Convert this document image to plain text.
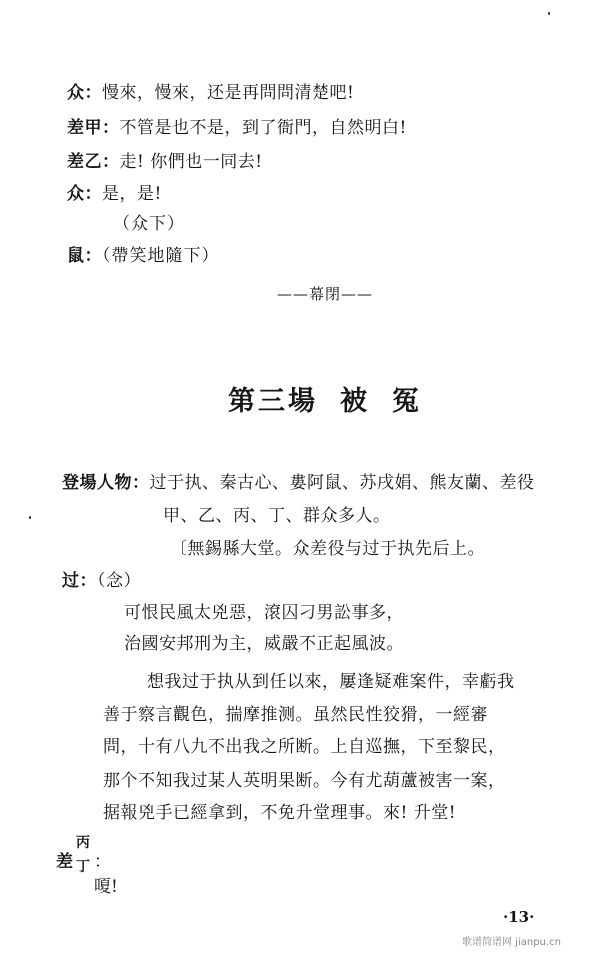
众：慢來，慢來，还是再問問清楚吧!
差甲：不管是也不是，到了衙門，自然明白!
差乙：走! 你們也一同去!
众：是，是!
（众下）
鼠：（帶笑地隨下）
——幕閉——
第三場 被 冤
登場人物：过于执、秦古心、婁阿鼠、苏戌娟、熊友蘭、差役
甲、乙、丙、丁、群众多人。
〔無錫縣大堂。众差役与过于执先后上。
过：（念）
可恨民風太兇惡，滾囚刁男訟事多，
治國安邦刑为主，威嚴不正起風波。
想我过于执从到任以來，屢逢疑难案件，幸虧我
善于察言觀色，揣摩推测。虽然民性狡猾，一經審
問，十有八九不出我之所断。上自巡撫，下至黎民，
那个不知我过某人英明果断。今有尤葫蘆被害一案，
据報兇手已經拿到，不免升堂理事。來! 升堂!
差
丙
丁 ：嗄!
·13·
歌谱简谱网 jianpu.cn
